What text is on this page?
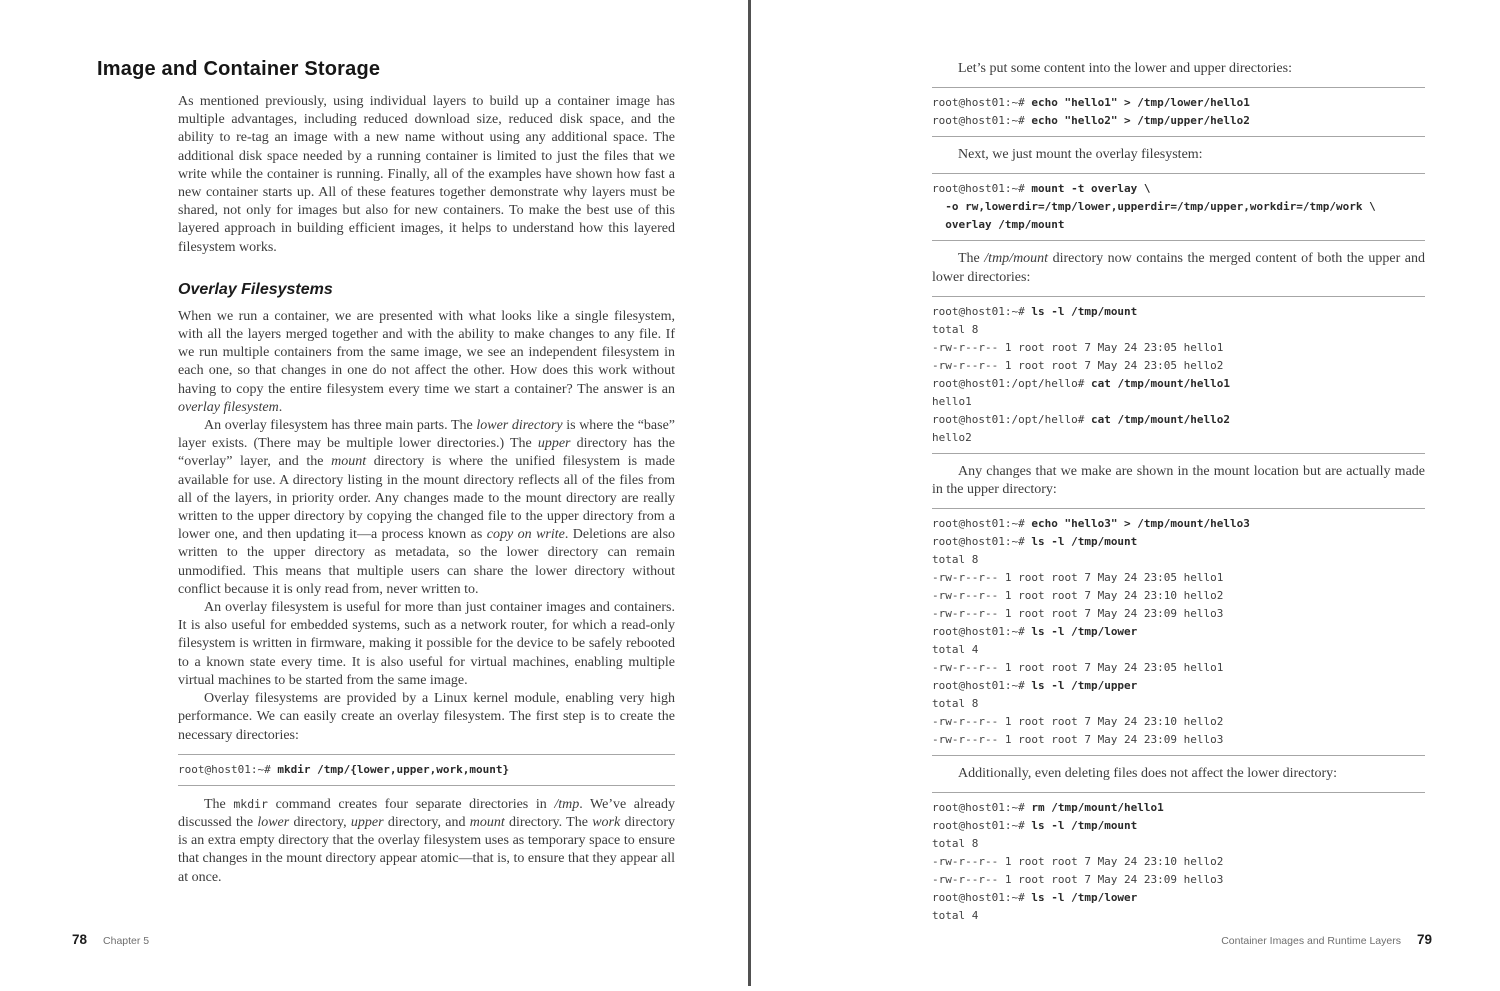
Image and Container Storage

As mentioned previously, using individual layers to build up a container image has multiple advantages, including reduced download size, reduced disk space, and the ability to re-tag an image with a new name without using any additional space. The additional disk space needed by a running container is limited to just the files that we write while the container is running. Finally, all of the examples have shown how fast a new container starts up. All of these features together demonstrate why layers must be shared, not only for images but also for new containers. To make the best use of this layered approach in building efficient images, it helps to understand how this layered filesystem works.

Overlay Filesystems

When we run a container, we are presented with what looks like a single filesystem, with all the layers merged together and with the ability to make changes to any file. If we run multiple containers from the same image, we see an independent filesystem in each one, so that changes in one do not affect the other. How does this work without having to copy the entire filesystem every time we start a container? The answer is an overlay filesystem.

An overlay filesystem has three main parts. The lower directory is where the “base” layer exists. (There may be multiple lower directories.) The upper directory has the “overlay” layer, and the mount directory is where the unified filesystem is made available for use. A directory listing in the mount directory reflects all of the files from all of the layers, in priority order. Any changes made to the mount directory are really written to the upper directory by copying the changed file to the upper directory from a lower one, and then updating it—a process known as copy on write. Deletions are also written to the upper directory as metadata, so the lower directory can remain unmodified. This means that multiple users can share the lower directory without conflict because it is only read from, never written to.

An overlay filesystem is useful for more than just container images and containers. It is also useful for embedded systems, such as a network router, for which a read-only filesystem is written in firmware, making it possible for the device to be safely rebooted to a known state every time. It is also useful for virtual machines, enabling multiple virtual machines to be started from the same image.

Overlay filesystems are provided by a Linux kernel module, enabling very high performance. We can easily create an overlay filesystem. The first step is to create the necessary directories:

root@host01:~# mkdir /tmp/{lower,upper,work,mount}

The mkdir command creates four separate directories in /tmp. We’ve already discussed the lower directory, upper directory, and mount directory. The work directory is an extra empty directory that the overlay filesystem uses as temporary space to ensure that changes in the mount directory appear atomic—that is, to ensure that they appear all at once.

78 Chapter 5

Let’s put some content into the lower and upper directories:

root@host01:~# echo "hello1" > /tmp/lower/hello1
root@host01:~# echo "hello2" > /tmp/upper/hello2

Next, we just mount the overlay filesystem:

root@host01:~# mount -t overlay \
-o rw,lowerdir=/tmp/lower,upperdir=/tmp/upper,workdir=/tmp/work \
overlay /tmp/mount

The /tmp/mount directory now contains the merged content of both the upper and lower directories:

root@host01:~# ls -l /tmp/mount
total 8
-rw-r--r-- 1 root root 7 May 24 23:05 hello1
-rw-r--r-- 1 root root 7 May 24 23:05 hello2
root@host01:/opt/hello# cat /tmp/mount/hello1
hello1
root@host01:/opt/hello# cat /tmp/mount/hello2
hello2

Any changes that we make are shown in the mount location but are actually made in the upper directory:

root@host01:~# echo "hello3" > /tmp/mount/hello3
root@host01:~# ls -l /tmp/mount
total 8
-rw-r--r-- 1 root root 7 May 24 23:05 hello1
-rw-r--r-- 1 root root 7 May 24 23:10 hello2
-rw-r--r-- 1 root root 7 May 24 23:09 hello3
root@host01:~# ls -l /tmp/lower
total 4
-rw-r--r-- 1 root root 7 May 24 23:05 hello1
root@host01:~# ls -l /tmp/upper
total 8
-rw-r--r-- 1 root root 7 May 24 23:10 hello2
-rw-r--r-- 1 root root 7 May 24 23:09 hello3

Additionally, even deleting files does not affect the lower directory:

root@host01:~# rm /tmp/mount/hello1
root@host01:~# ls -l /tmp/mount
total 8
-rw-r--r-- 1 root root 7 May 24 23:10 hello2
-rw-r--r-- 1 root root 7 May 24 23:09 hello3
root@host01:~# ls -l /tmp/lower
total 4
Container Images and Runtime Layers 79
